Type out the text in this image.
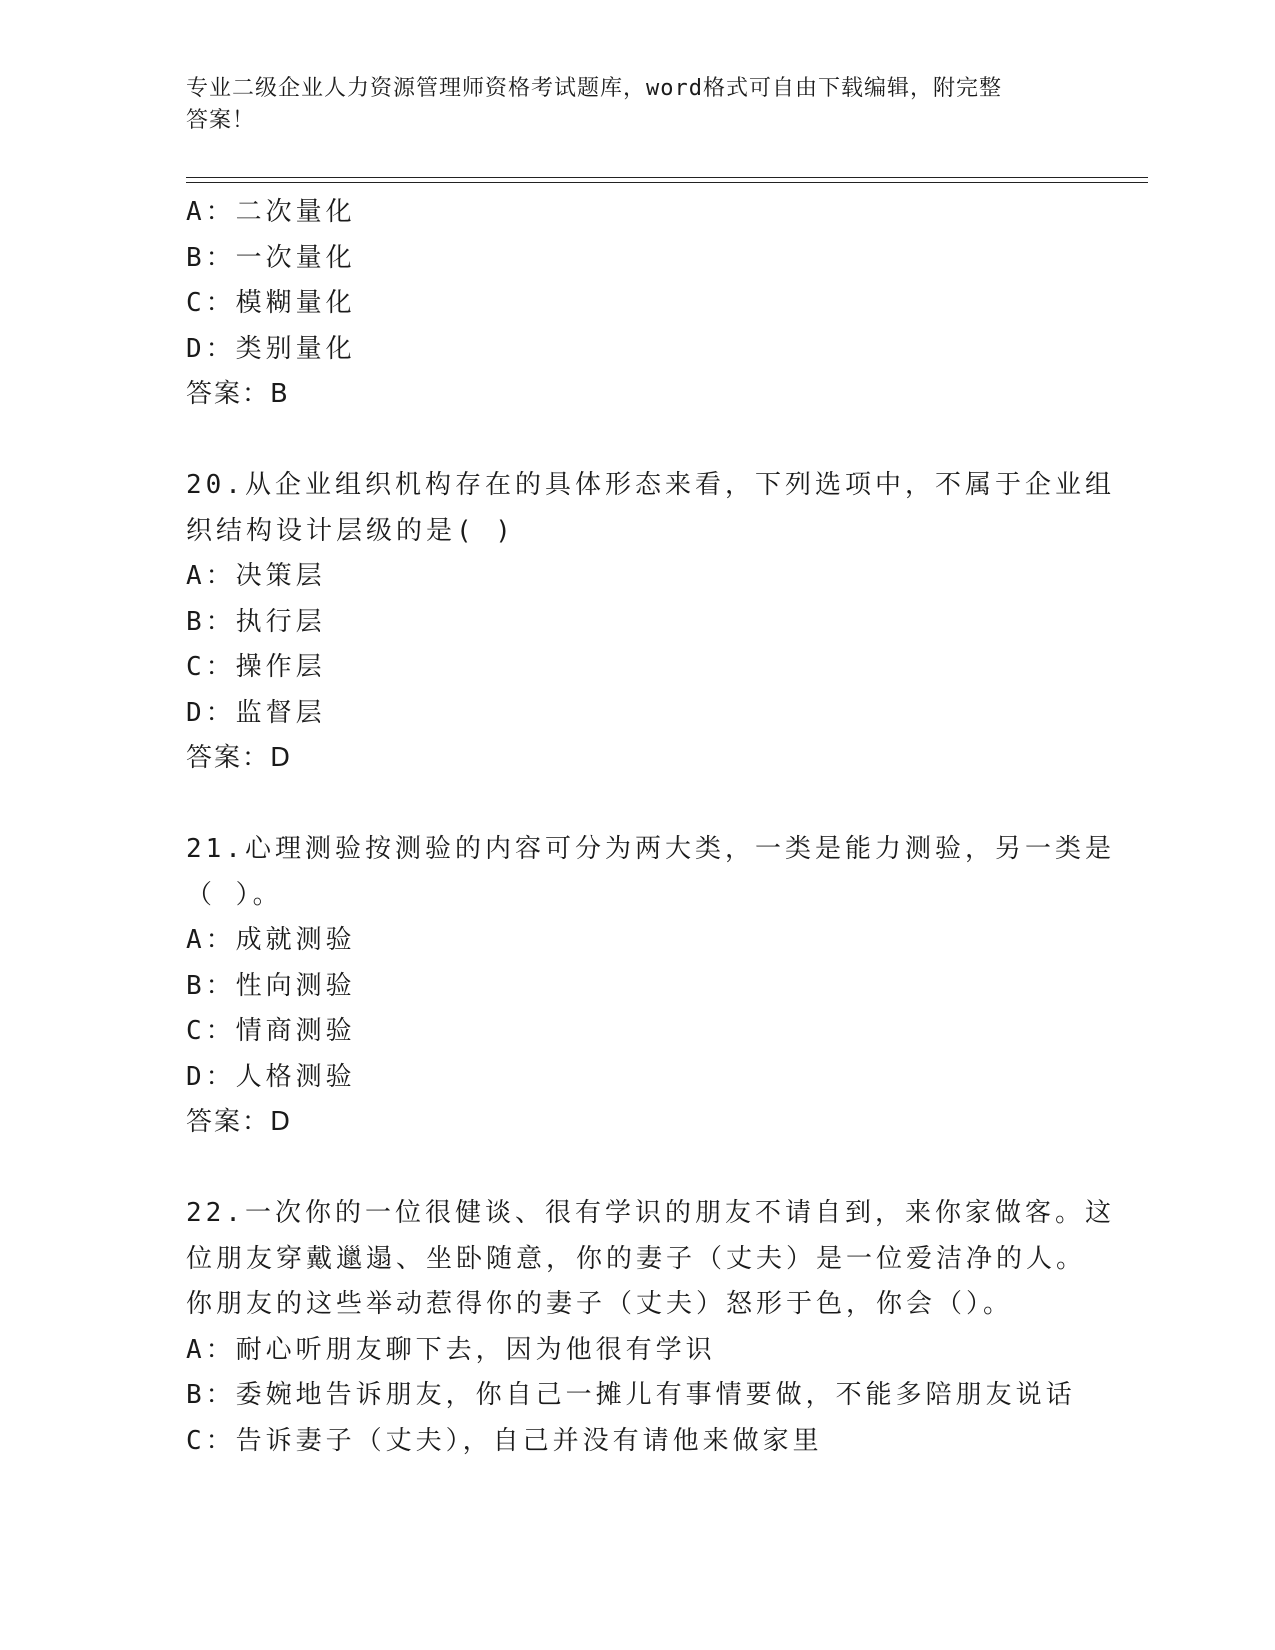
专业二级企业人力资源管理师资格考试题库，word格式可自由下载编辑，附完整
答案！
A：二次量化
B：一次量化
C：模糊量化
D：类别量化
答案：B
20.从企业组织机构存在的具体形态来看，下列选项中，不属于企业组
织结构设计层级的是( )
A：决策层
B：执行层
C：操作层
D：监督层
答案：D
21.心理测验按测验的内容可分为两大类，一类是能力测验，另一类是
（ ）。
A：成就测验
B：性向测验
C：情商测验
D：人格测验
答案：D
22.一次你的一位很健谈、很有学识的朋友不请自到，来你家做客。这
位朋友穿戴邋遢、坐卧随意，你的妻子（丈夫）是一位爱洁净的人。
你朋友的这些举动惹得你的妻子（丈夫）怒形于色，你会（）。
A：耐心听朋友聊下去，因为他很有学识
B：委婉地告诉朋友，你自己一摊儿有事情要做，不能多陪朋友说话
C：告诉妻子（丈夫），自己并没有请他来做家里
